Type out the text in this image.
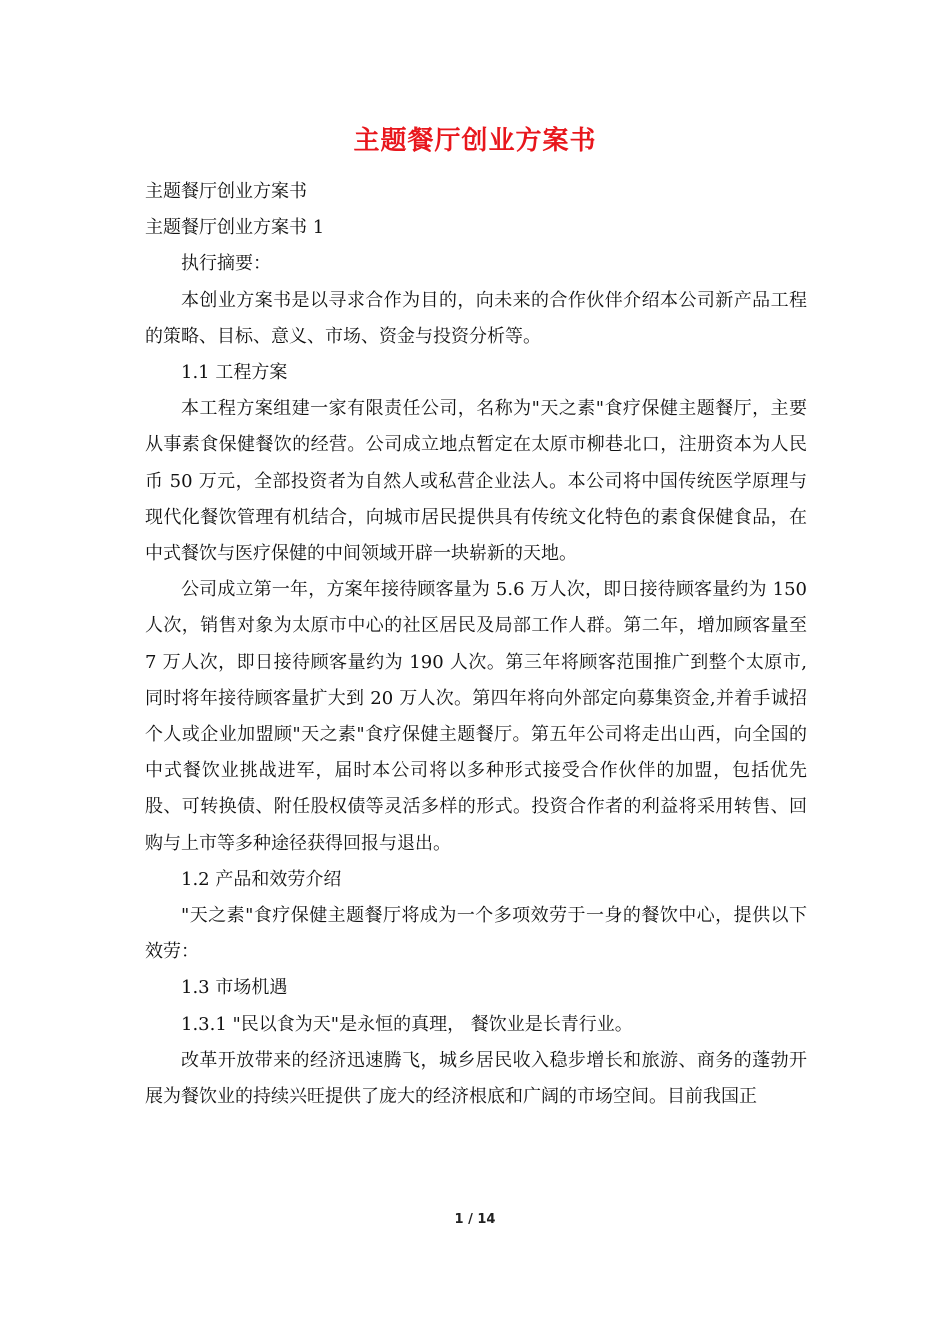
主题餐厅创业方案书

主题餐厅创业方案书

主题餐厅创业方案书 1

执行摘要：

本创业方案书是以寻求合作为目的，向未来的合作伙伴介绍本公司新产品工程的策略、目标、意义、市场、资金与投资分析等。

1.1 工程方案

本工程方案组建一家有限责任公司，名称为"天之素"食疗保健主题餐厅，主要从事素食保健餐饮的经营。公司成立地点暂定在太原市柳巷北口，注册资本为人民币 50 万元，全部投资者为自然人或私营企业法人。本公司将中国传统医学原理与现代化餐饮管理有机结合，向城市居民提供具有传统文化特色的素食保健食品，在中式餐饮与医疗保健的中间领域开辟一块崭新的天地。

公司成立第一年，方案年接待顾客量为 5.6 万人次，即日接待顾客量约为 150 人次，销售对象为太原市中心的社区居民及局部工作人群。第二年，增加顾客量至 7 万人次，即日接待顾客量约为 190 人次。第三年将顾客范围推广到整个太原市,同时将年接待顾客量扩大到 20 万人次。第四年将向外部定向募集资金,并着手诚招个人或企业加盟顾"天之素"食疗保健主题餐厅。第五年公司将走出山西，向全国的中式餐饮业挑战进军，届时本公司将以多种形式接受合作伙伴的加盟，包括优先股、可转换债、附任股权债等灵活多样的形式。投资合作者的利益将采用转售、回购与上市等多种途径获得回报与退出。

1.2 产品和效劳介绍

"天之素"食疗保健主题餐厅将成为一个多项效劳于一身的餐饮中心，提供以下效劳：

1.3 市场机遇

1.3.1 "民以食为天"是永恒的真理， 餐饮业是长青行业。

改革开放带来的经济迅速腾飞，城乡居民收入稳步增长和旅游、商务的蓬勃开展为餐饮业的持续兴旺提供了庞大的经济根底和广阔的市场空间。目前我国正

1 / 14
